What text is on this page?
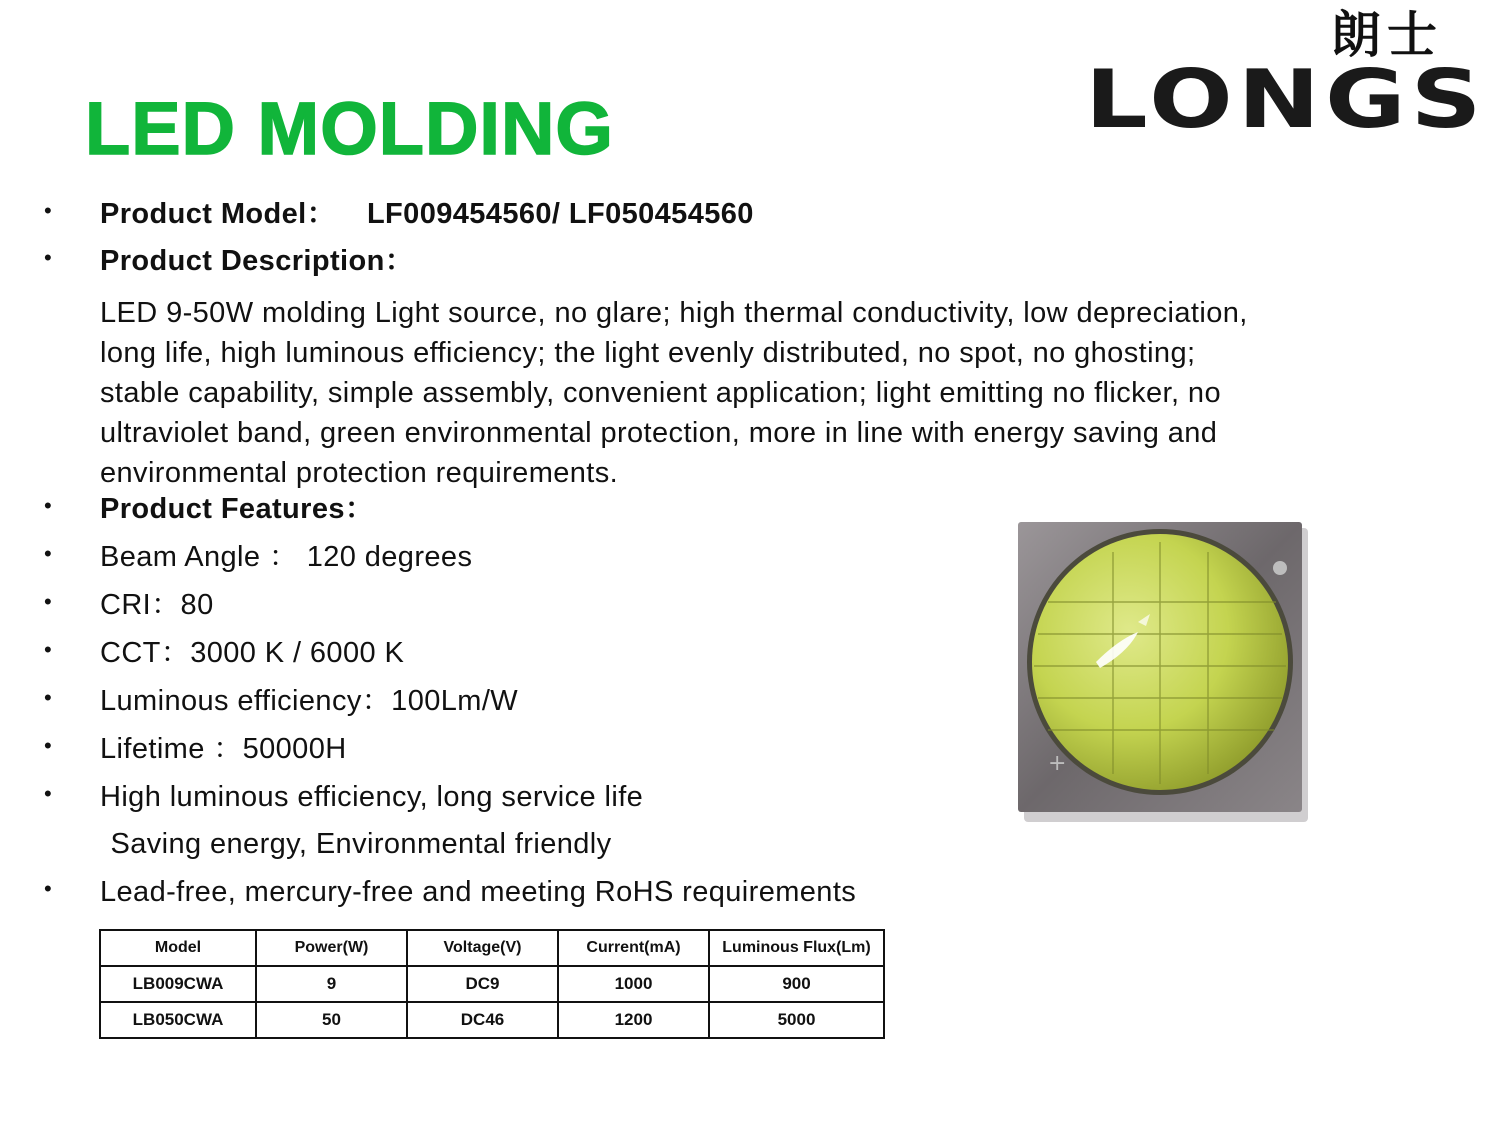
LED MOLDING
朗士
LONGS
• Product Model： LF009454560/ LF050454560
• Product Description：
LED 9-50W molding Light source, no glare; high thermal conductivity, low depreciation,
long life, high luminous efficiency; the light evenly distributed, no spot, no ghosting;
stable capability, simple assembly, convenient application; light emitting no flicker, no
ultraviolet band, green environmental protection, more in line with energy saving and
environmental protection requirements.
• Product Features：
• Beam Angle ： 120 degrees
• CRI：80
• CCT：3000 K / 6000 K
• Luminous efficiency：100Lm/W
• Lifetime ：50000H
• High luminous efficiency, long service life
Saving energy, Environmental friendly
• Lead-free, mercury-free and meeting RoHS requirements
+
Model	Power(W)	Voltage(V)	Current(mA)	Luminous Flux(Lm)
LB009CWA	9	DC9	1000	900
LB050CWA	50	DC46	1200	5000
